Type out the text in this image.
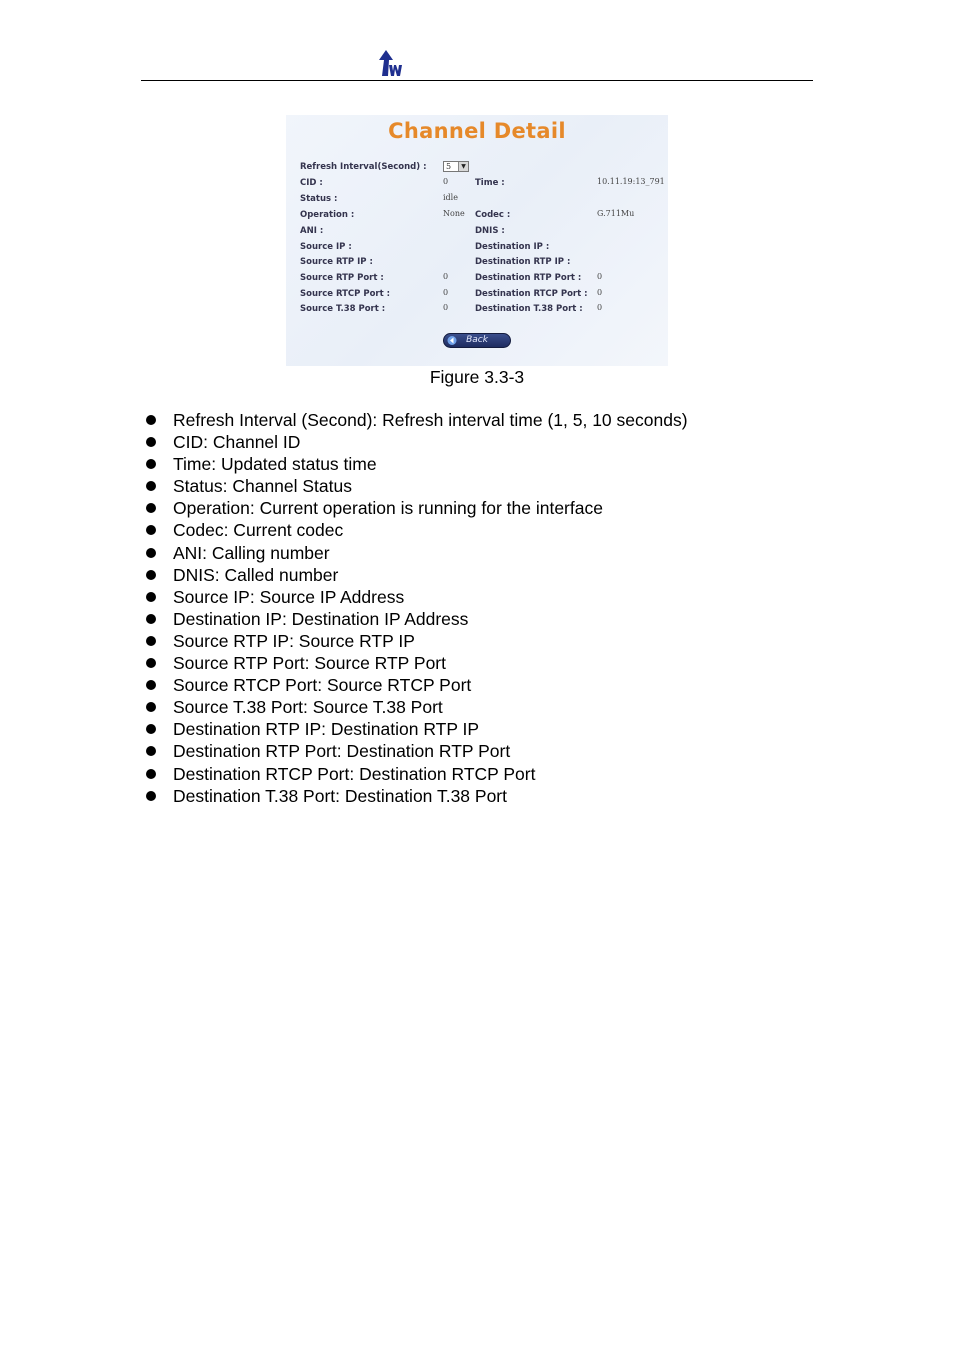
Channel Detail
Refresh Interval(Second) : 5	▼
CID :	0
Status :	idle
Operation :	None
ANI :
Source IP :
Source RTP IP :
Source RTP Port :	0
Source RTCP Port :	0
Source T.38 Port :	0
Time :	10.11.19:13_791
Codec :	G.711Mu
DNIS :
Destination IP :
Destination RTP IP :
Destination RTP Port : 0
Destination RTCP Port : 0
Destination T.38 Port : 0
Back
Figure 3.3-3
Refresh Interval (Second): Refresh interval time (1, 5, 10 seconds)
CID: Channel ID
Time: Updated status time
Status: Channel Status
Operation: Current operation is running for the interface
Codec: Current codec
ANI: Calling number
DNIS: Called number
Source IP: Source IP Address
Destination IP: Destination IP Address
Source RTP IP: Source RTP IP
Source RTP Port: Source RTP Port
Source RTCP Port: Source RTCP Port
Source T.38 Port: Source T.38 Port
Destination RTP IP: Destination RTP IP
Destination RTP Port: Destination RTP Port
Destination RTCP Port: Destination RTCP Port
Destination T.38 Port: Destination T.38 Port
